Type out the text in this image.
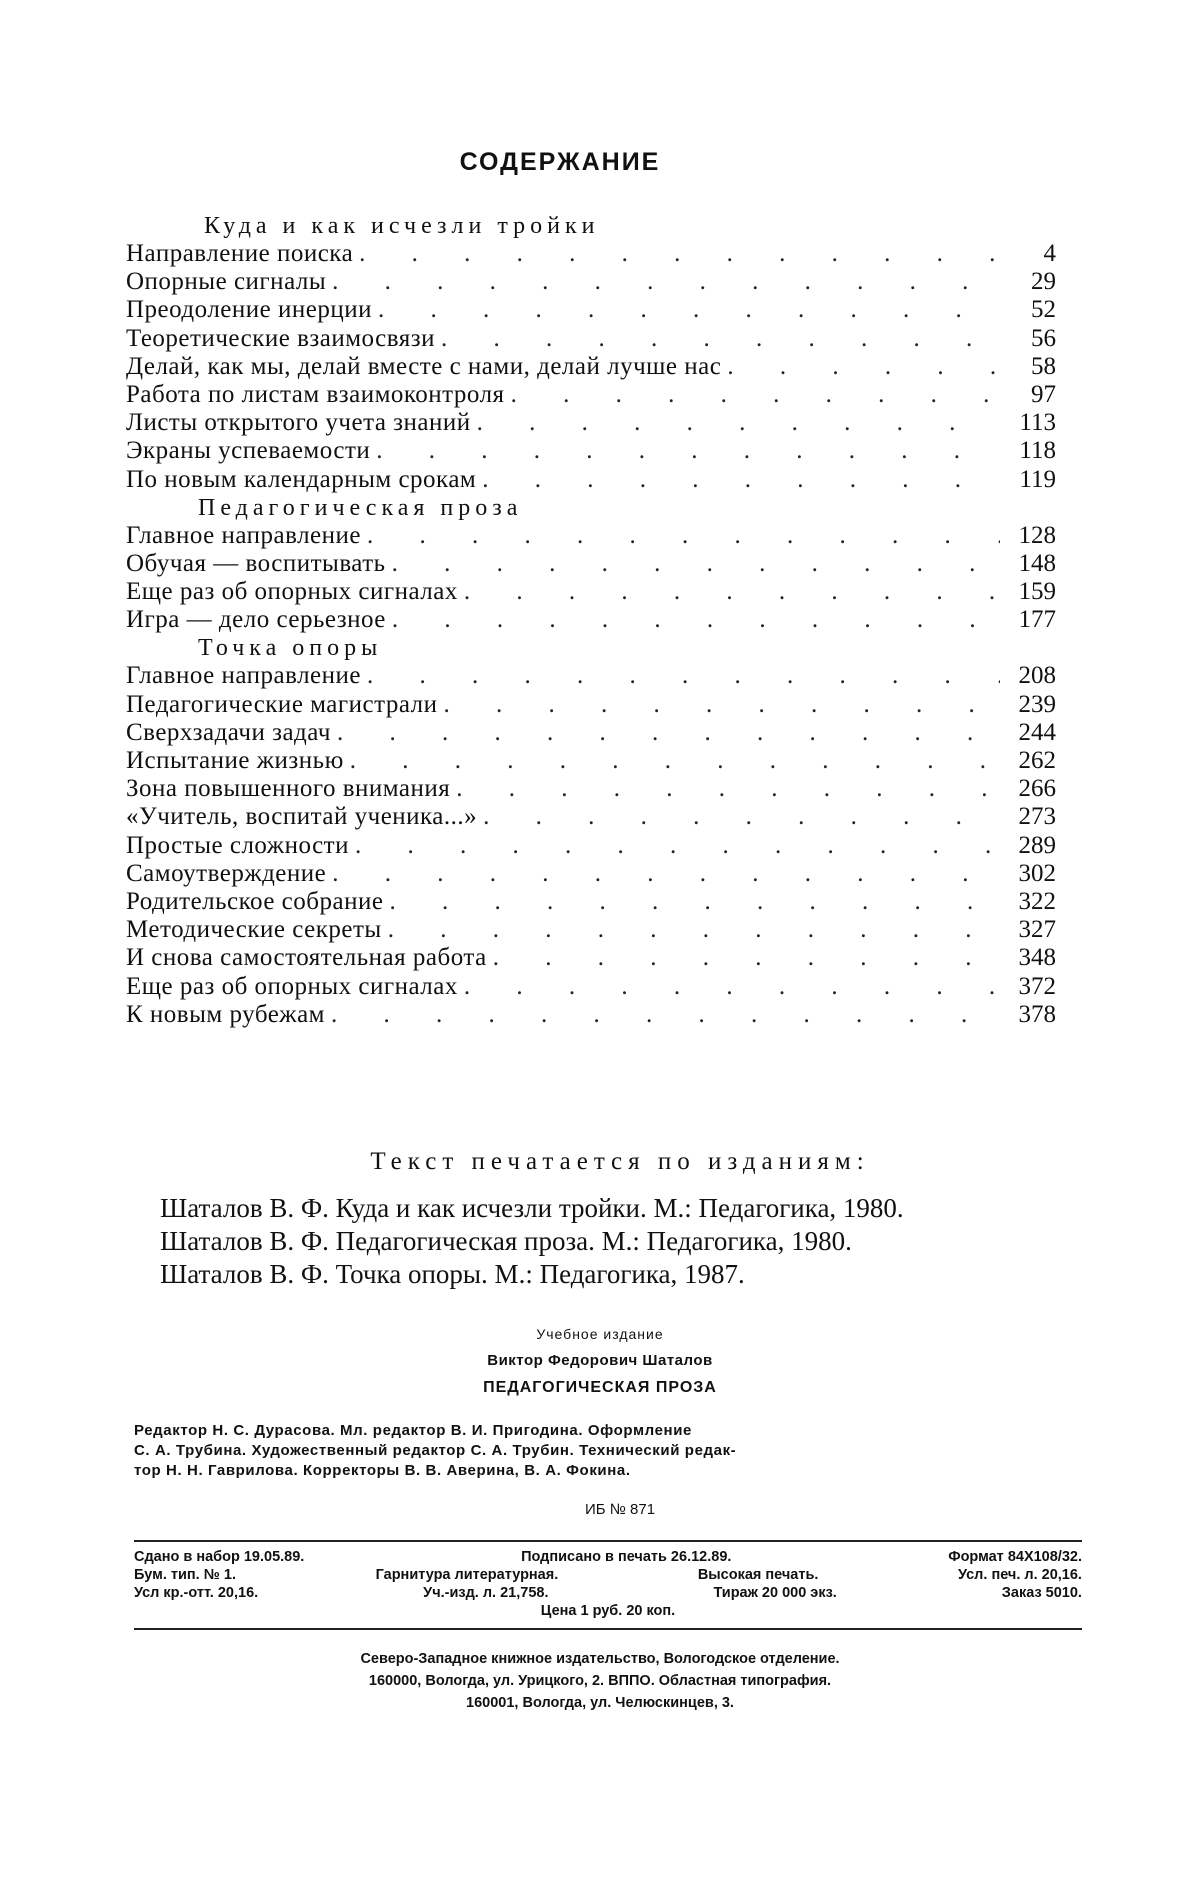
СОДЕРЖАНИЕ
Куда и как исчезли тройки
Направление поиска
. . .	4
Опорные сигналы
. . .	29
Преодоление инерции
. . .	52
Теоретические взаимосвязи
. . .	56
Делай, как мы, делай вместе с нами, делай лучше нас
. . .	58
Работа по листам взаимоконтроля
. . .	97
Листы открытого учета знаний
. . .	113
Экраны успеваемости
. . .	118
По новым календарным срокам
. . .	119
Педагогическая проза
Главное направление
. . .	128
Обучая — воспитывать
. . .	148
Еще раз об опорных сигналах
. . .	159
Игра — дело серьезное
. . .	177
Точка опоры
Главное направление
. . .	208
Педагогические магистрали
. . .	239
Сверхзадачи задач
. . .	244
Испытание жизнью
. . .	262
Зона повышенного внимания
. . .	266
«Учитель, воспитай ученика...»
. . .	273
Простые сложности
. . .	289
Самоутверждение
. . .	302
Родительское собрание
. . .	322
Методические секреты
. . .	327
И снова самостоятельная работа
. . .	348
Еще раз об опорных сигналах
. . .	372
К новым рубежам
. . .	378
Текст печатается по изданиям:
Шаталов В. Ф. Куда и как исчезли тройки. М.: Педагогика, 1980.
Шаталов В. Ф. Педагогическая проза. М.: Педагогика, 1980.
Шаталов В. Ф. Точка опоры. М.: Педагогика, 1987.
Учебное издание
Виктор Федорович Шаталов
ПЕДАГОГИЧЕСКАЯ ПРОЗА
Редактор Н. С. Дурасова. Мл. редактор В. И. Пригодина. Оформление
С. А. Трубина. Художественный редактор С. А. Трубин. Технический редак-
тор Н. Н. Гаврилова. Корректоры В. В. Аверина, В. А. Фокина.
ИБ № 871
Сдано в набор 19.05.89.	Подписано в печать 26.12.89.	Формат 84Х108/32.
Бум. тип. № 1.	Гарнитура литературная.	Высокая печать.	Усл. печ. л. 20,16.
Усл кр.-отт. 20,16.	Уч.-изд. л. 21,758.	Тираж 20 000 экз.	Заказ 5010.
Цена 1 руб. 20 коп.
Северо-Западное книжное издательство, Вологодское отделение.
160000, Вологда, ул. Урицкого, 2. ВППО. Областная типография.
160001, Вологда, ул. Челюскинцев, 3.
